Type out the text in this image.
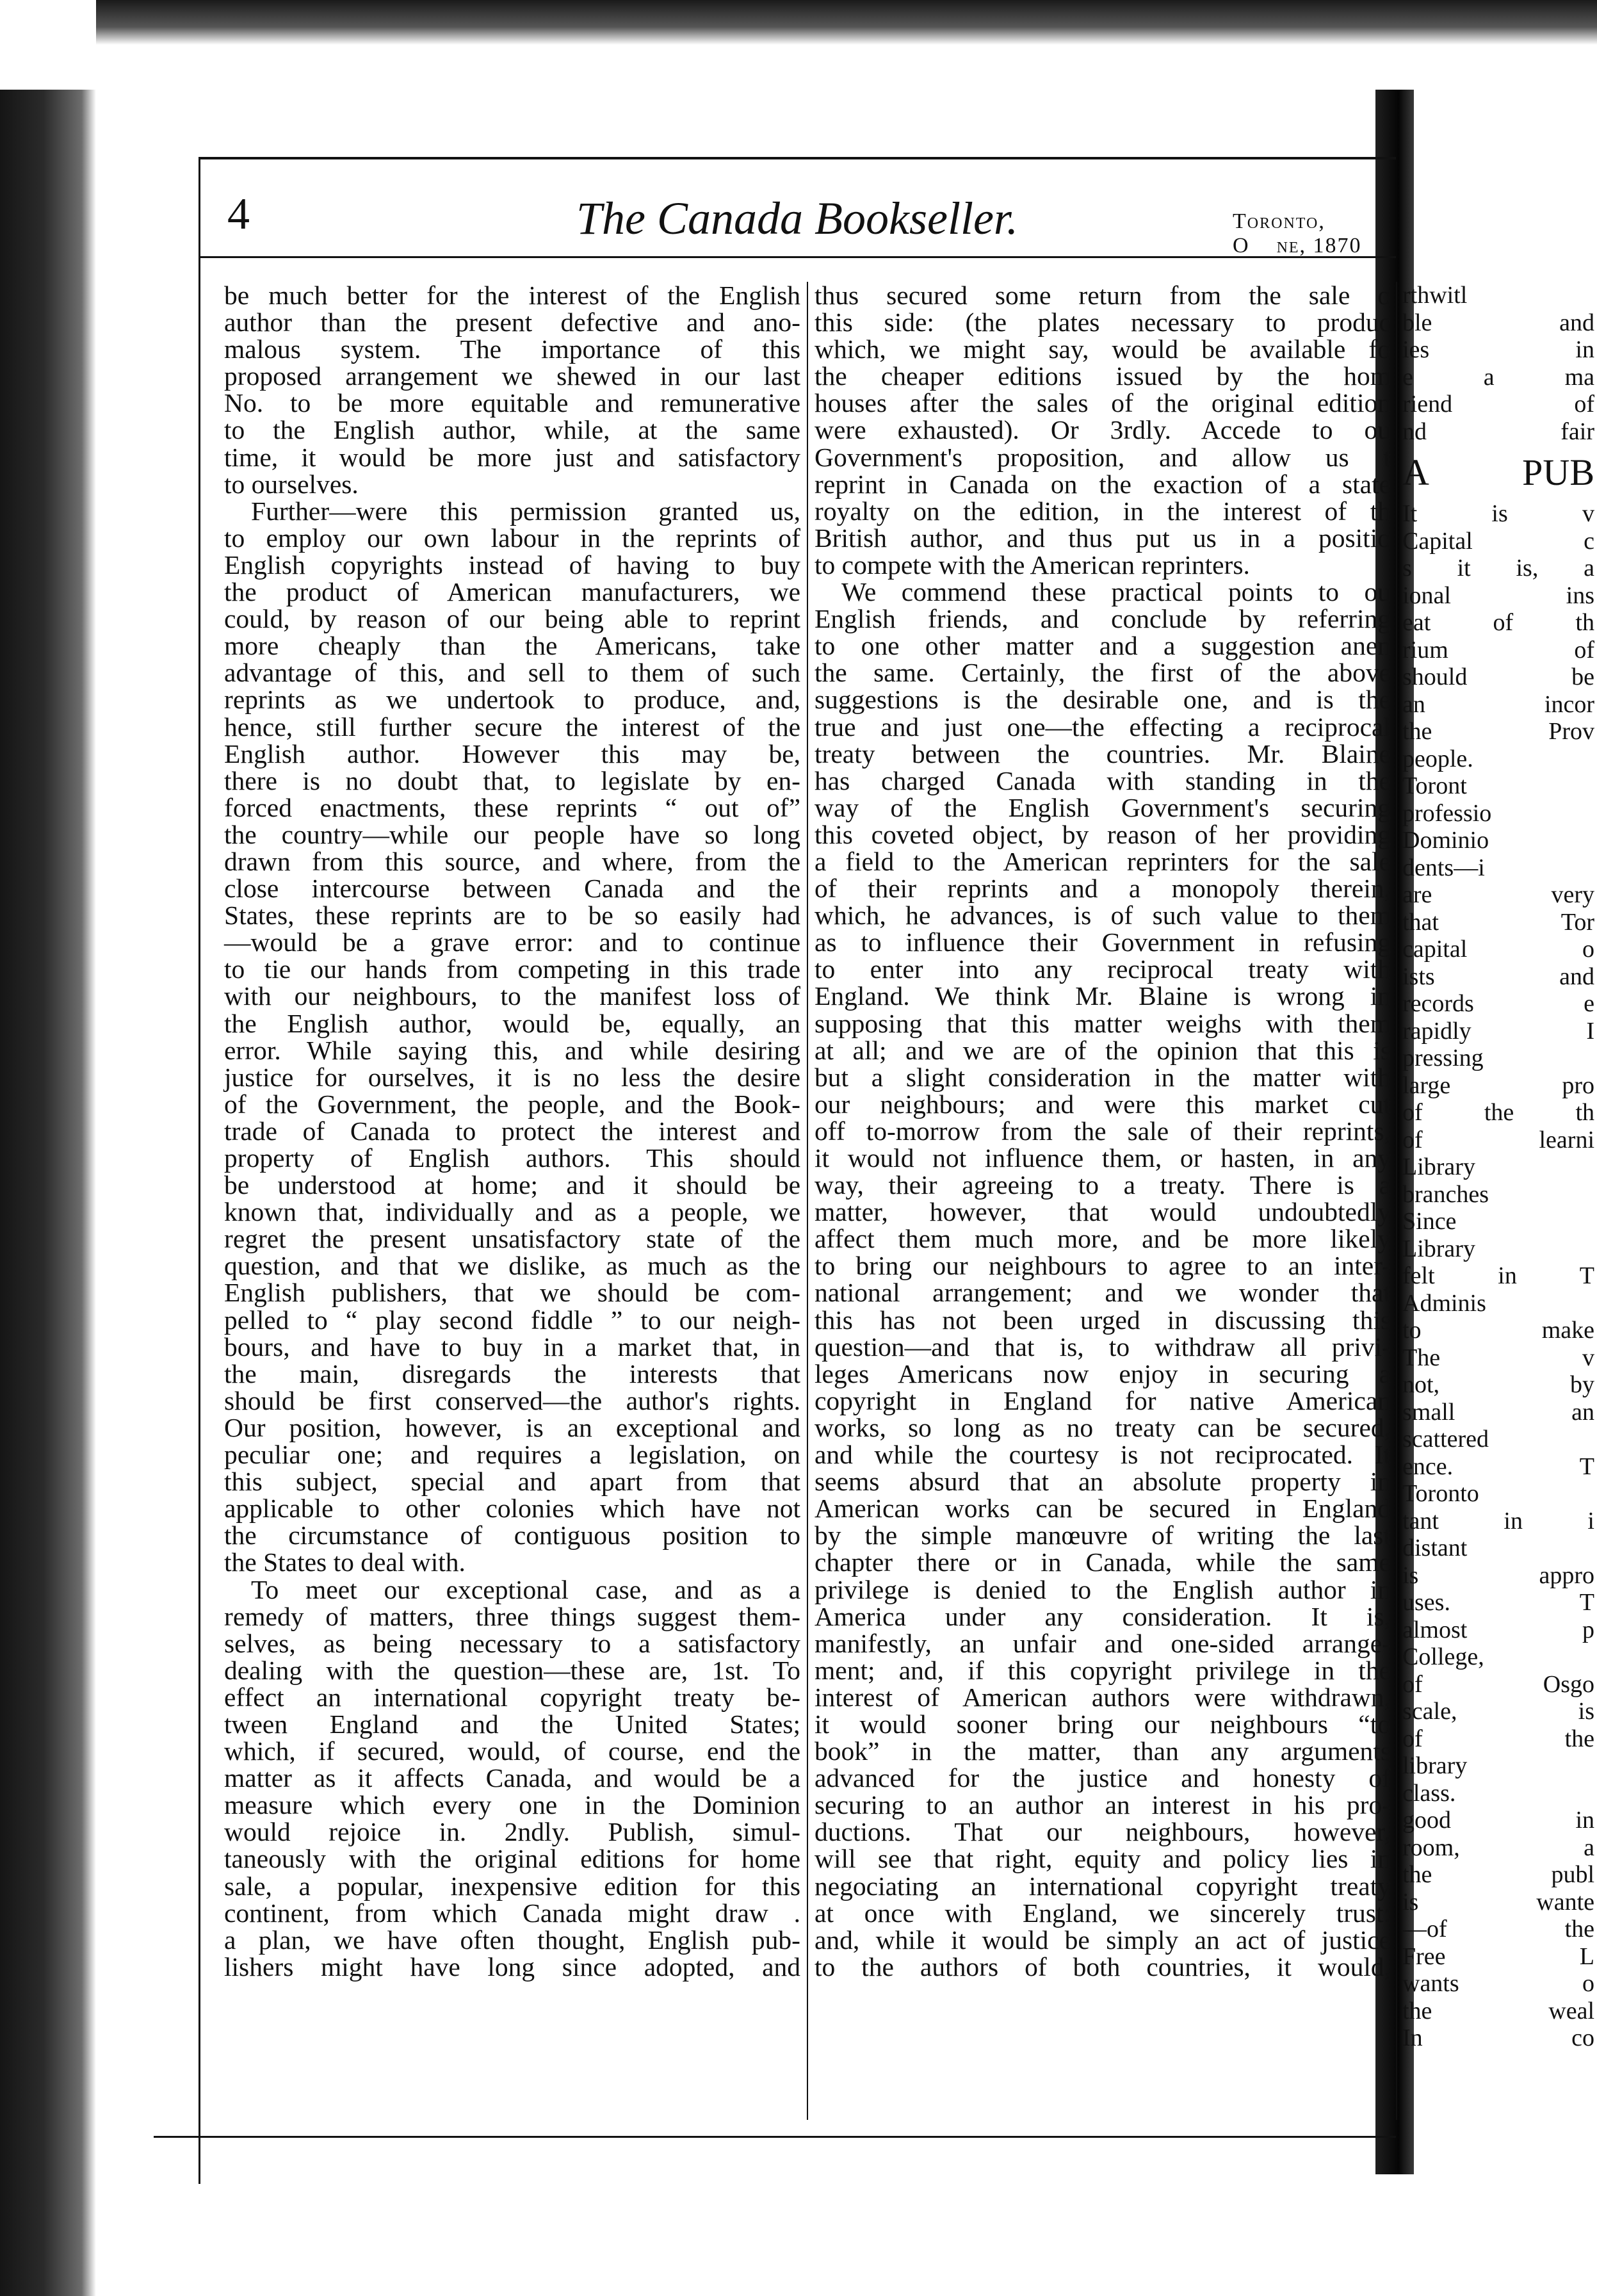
4	The Canada Bookseller.	Toronto, O ne, 1870

be much better for the interest of the English

author than the present defective and ano-

malous system. The importance of this

proposed arrangement we shewed in our last

No. to be more equitable and remunerative

to the English author, while, at the same

time, it would be more just and satisfactory

to ourselves.

Further—were this permission granted us,

to employ our own labour in the reprints of

English copyrights instead of having to buy

the product of American manufacturers, we

could, by reason of our being able to reprint

more cheaply than the Americans, take

advantage of this, and sell to them of such

reprints as we undertook to produce, and,

hence, still further secure the interest of the

English author. However this may be,

there is no doubt that, to legislate by en-

forced enactments, these reprints “ out of”

the country—while our people have so long

drawn from this source, and where, from the

close intercourse between Canada and the

States, these reprints are to be so easily had

—would be a grave error: and to continue

to tie our hands from competing in this trade

with our neighbours, to the manifest loss of

the English author, would be, equally, an

error. While saying this, and while desiring

justice for ourselves, it is no less the desire

of the Government, the people, and the Book-

trade of Canada to protect the interest and

property of English authors. This should

be understood at home; and it should be

known that, individually and as a people, we

regret the present unsatisfactory state of the

question, and that we dislike, as much as the

English publishers, that we should be com-

pelled to “ play second fiddle ” to our neigh-

bours, and have to buy in a market that, in

the main, disregards the interests that

should be first conserved—the author's rights.

Our position, however, is an exceptional and

peculiar one; and requires a legislation, on

this subject, special and apart from that

applicable to other colonies which have not

the circumstance of contiguous position to

the States to deal with.

To meet our exceptional case, and as a

remedy of matters, three things suggest them-

selves, as being necessary to a satisfactory

dealing with the question—these are, 1st. To

effect an international copyright treaty be-

tween England and the United States;

which, if secured, would, of course, end the

matter as it affects Canada, and would be a

measure which every one in the Dominion

would rejoice in. 2ndly. Publish, simul-

taneously with the original editions for home

sale, a popular, inexpensive edition for this

continent, from which Canada might draw .

a plan, we have often thought, English pub-

lishers might have long since adopted, and

thus secured some return from the sale o

this side: (the plates necessary to produc

which, we might say, would be available fo

the cheaper editions issued by the hom

houses after the sales of the original edition

were exhausted). Or 3rdly. Accede to ou

Government's proposition, and allow us t

reprint in Canada on the exaction of a state

royalty on the edition, in the interest of th

British author, and thus put us in a positio

to compete with the American reprinters.

We commend these practical points to ou

English friends, and conclude by referring

to one other matter and a suggestion anen

the same. Certainly, the first of the above

suggestions is the desirable one, and is the

true and just one—the effecting a reciprocal

treaty between the countries. Mr. Blaine

has charged Canada with standing in the

way of the English Government's securing

this coveted object, by reason of her providing

a field to the American reprinters for the sale

of their reprints and a monopoly therein,

which, he advances, is of such value to them

as to influence their Government in refusing

to enter into any reciprocal treaty with

England. We think Mr. Blaine is wrong in

supposing that this matter weighs with them

at all; and we are of the opinion that this is

but a slight consideration in the matter with

our neighbours; and were this market cut

off to-morrow from the sale of their reprints,

it would not influence them, or hasten, in any

way, their agreeing to a treaty. There is a

matter, however, that would undoubtedly

affect them much more, and be more likely

to bring our neighbours to agree to an inter-

national arrangement; and we wonder that

this has not been urged in discussing this

question—and that is, to withdraw all privi-

leges Americans now enjoy in securing a

copyright in England for native American

works, so long as no treaty can be secured,

and while the courtesy is not reciprocated. It

seems absurd that an absolute property in

American works can be secured in England

by the simple manœuvre of writing the last

chapter there or in Canada, while the same

privilege is denied to the English author in

America under any consideration. It is,

manifestly, an unfair and one-sided arrange-

ment; and, if this copyright privilege in the

interest of American authors were withdrawn,

it would sooner bring our neighbours “to

book” in the matter, than any arguments

advanced for the justice and honesty of

securing to an author an interest in his pro-

ductions. That our neighbours, however,

will see that right, equity and policy lies in

negociating an international copyright treaty

at once with England, we sincerely trust:

and, while it would be simply an act of justice

to the authors of both countries, it would,

rthwitl

ble and

ies in

e a ma

riend of

nd fair

A PUB

It is v

Capital c

s it is, a

ional ins

eat of th

rium of

should be

an incor

the Prov

people.

Toront

professio

Dominio

dents—i

are very

that Tor

capital o

ists and

records e

rapidly I

pressing

large pro

of the th

of learni

Library

branches

Since

Library

felt in T

Adminis

to make

The v

not, by

small an

scattered

ence. T

Toronto

tant in i

distant

is appro

uses. T

almost p

College,

of Osgo

scale, is

of the

library

class.

good in

room, a

the publ

is wante

—of the

Free L

wants o

the weal

In co
